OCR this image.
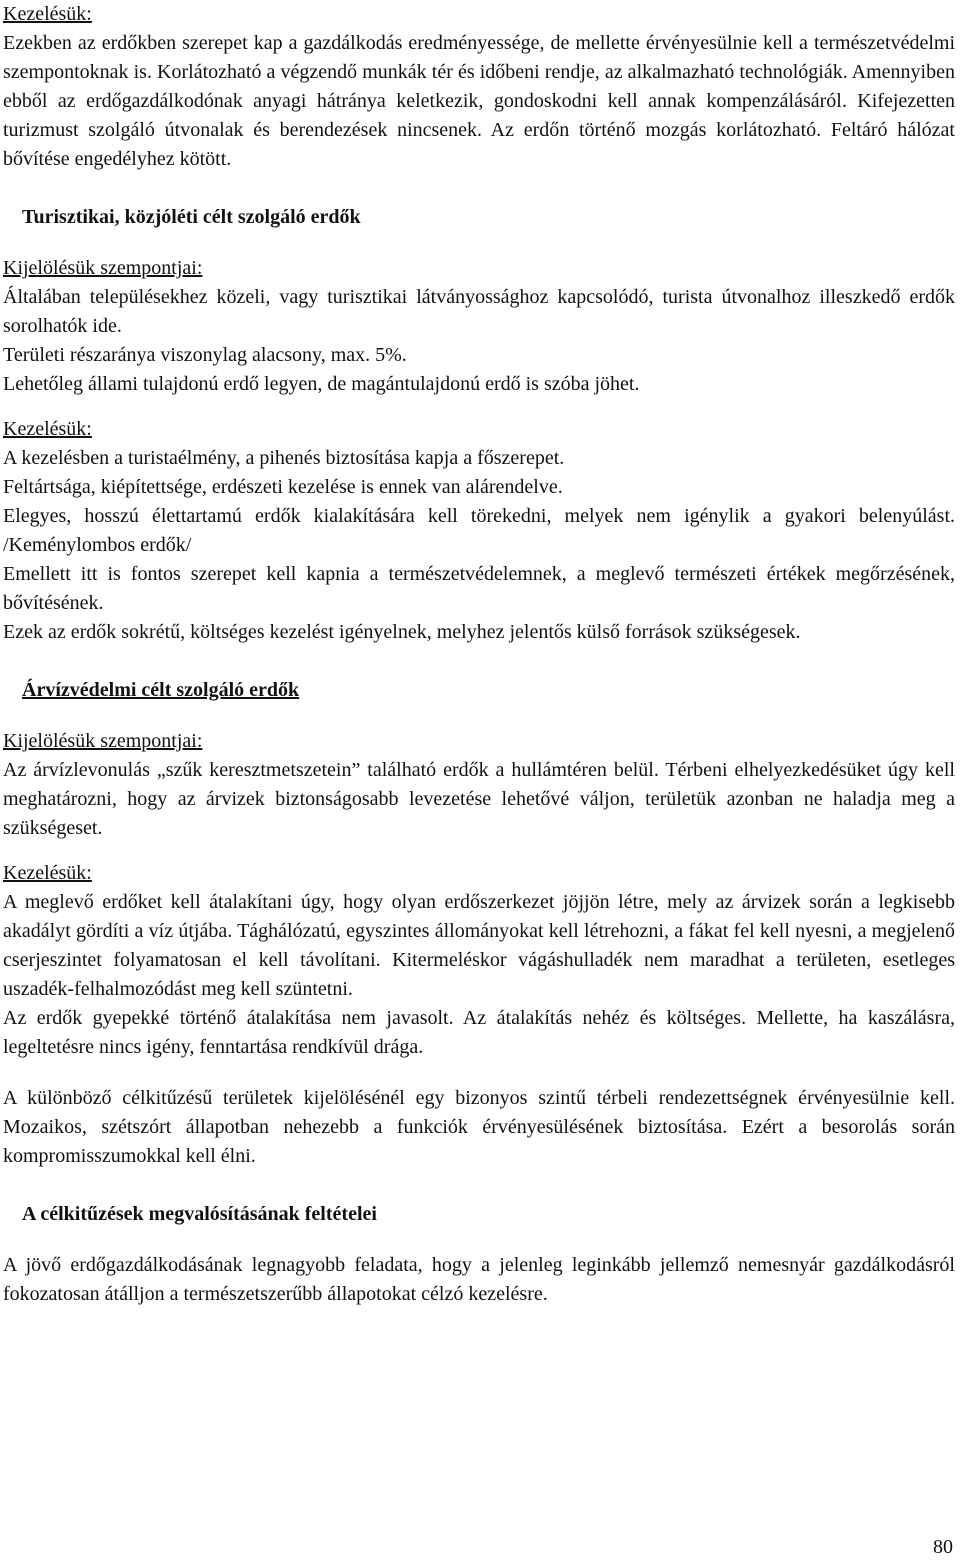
Kezelésük:

Ezekben az erdőkben szerepet kap a gazdálkodás eredményessége, de mellette érvényesülnie kell a természetvédelmi szempontoknak is. Korlátozható a végzendő munkák tér és időbeni rendje, az alkalmazható technológiák. Amennyiben ebből az erdőgazdálkodónak anyagi hátránya keletkezik, gondoskodni kell annak kompenzálásáról. Kifejezetten turizmust szolgáló útvonalak és berendezések nincsenek. Az erdőn történő mozgás korlátozható. Feltáró hálózat bővítése engedélyhez kötött.

Turisztikai, közjóléti célt szolgáló erdők

Kijelölésük szempontjai:

Általában településekhez közeli, vagy turisztikai látványossághoz kapcsolódó, turista útvonalhoz illeszkedő erdők sorolhatók ide.

Területi részaránya viszonylag alacsony, max. 5%.

Lehetőleg állami tulajdonú erdő legyen, de magántulajdonú erdő is szóba jöhet.

Kezelésük:

A kezelésben a turistaélmény, a pihenés biztosítása kapja a főszerepet.

Feltártsága, kiépítettsége, erdészeti kezelése is ennek van alárendelve.

Elegyes, hosszú élettartamú erdők kialakítására kell törekedni, melyek nem igénylik a gyakori belenyúlást. /Keménylombos erdők/

Emellett itt is fontos szerepet kell kapnia a természetvédelemnek, a meglevő természeti értékek megőrzésének, bővítésének.

Ezek az erdők sokrétű, költséges kezelést igényelnek, melyhez jelentős külső források szükségesek.

Árvízvédelmi célt szolgáló erdők

Kijelölésük szempontjai:

Az árvízlevonulás „szűk keresztmetszetein” található erdők a hullámtéren belül. Térbeni elhelyezkedésüket úgy kell meghatározni, hogy az árvizek biztonságosabb levezetése lehetővé váljon, területük azonban ne haladja meg a szükségeset.

Kezelésük:

A meglevő erdőket kell átalakítani úgy, hogy olyan erdőszerkezet jöjjön létre, mely az árvizek során a legkisebb akadályt gördíti a víz útjába. Tághálózatú, egyszintes állományokat kell létrehozni, a fákat fel kell nyesni, a megjelenő cserjeszintet folyamatosan el kell távolítani. Kitermeléskor vágáshulladék nem maradhat a területen, esetleges uszadék-felhalmozódást meg kell szüntetni.

Az erdők gyepekké történő átalakítása nem javasolt. Az átalakítás nehéz és költséges. Mellette, ha kaszálásra, legeltetésre nincs igény, fenntartása rendkívül drága.

A különböző célkitűzésű területek kijelölésénél egy bizonyos szintű térbeli rendezettségnek érvényesülnie kell. Mozaikos, szétszórt állapotban nehezebb a funkciók érvényesülésének biztosítása. Ezért a besorolás során kompromisszumokkal kell élni.

A célkitűzések megvalósításának feltételei

A jövő erdőgazdálkodásának legnagyobb feladata, hogy a jelenleg leginkább jellemző nemesnyár gazdálkodásról fokozatosan átálljon a természetszerűbb állapotokat célzó kezelésre.

80
